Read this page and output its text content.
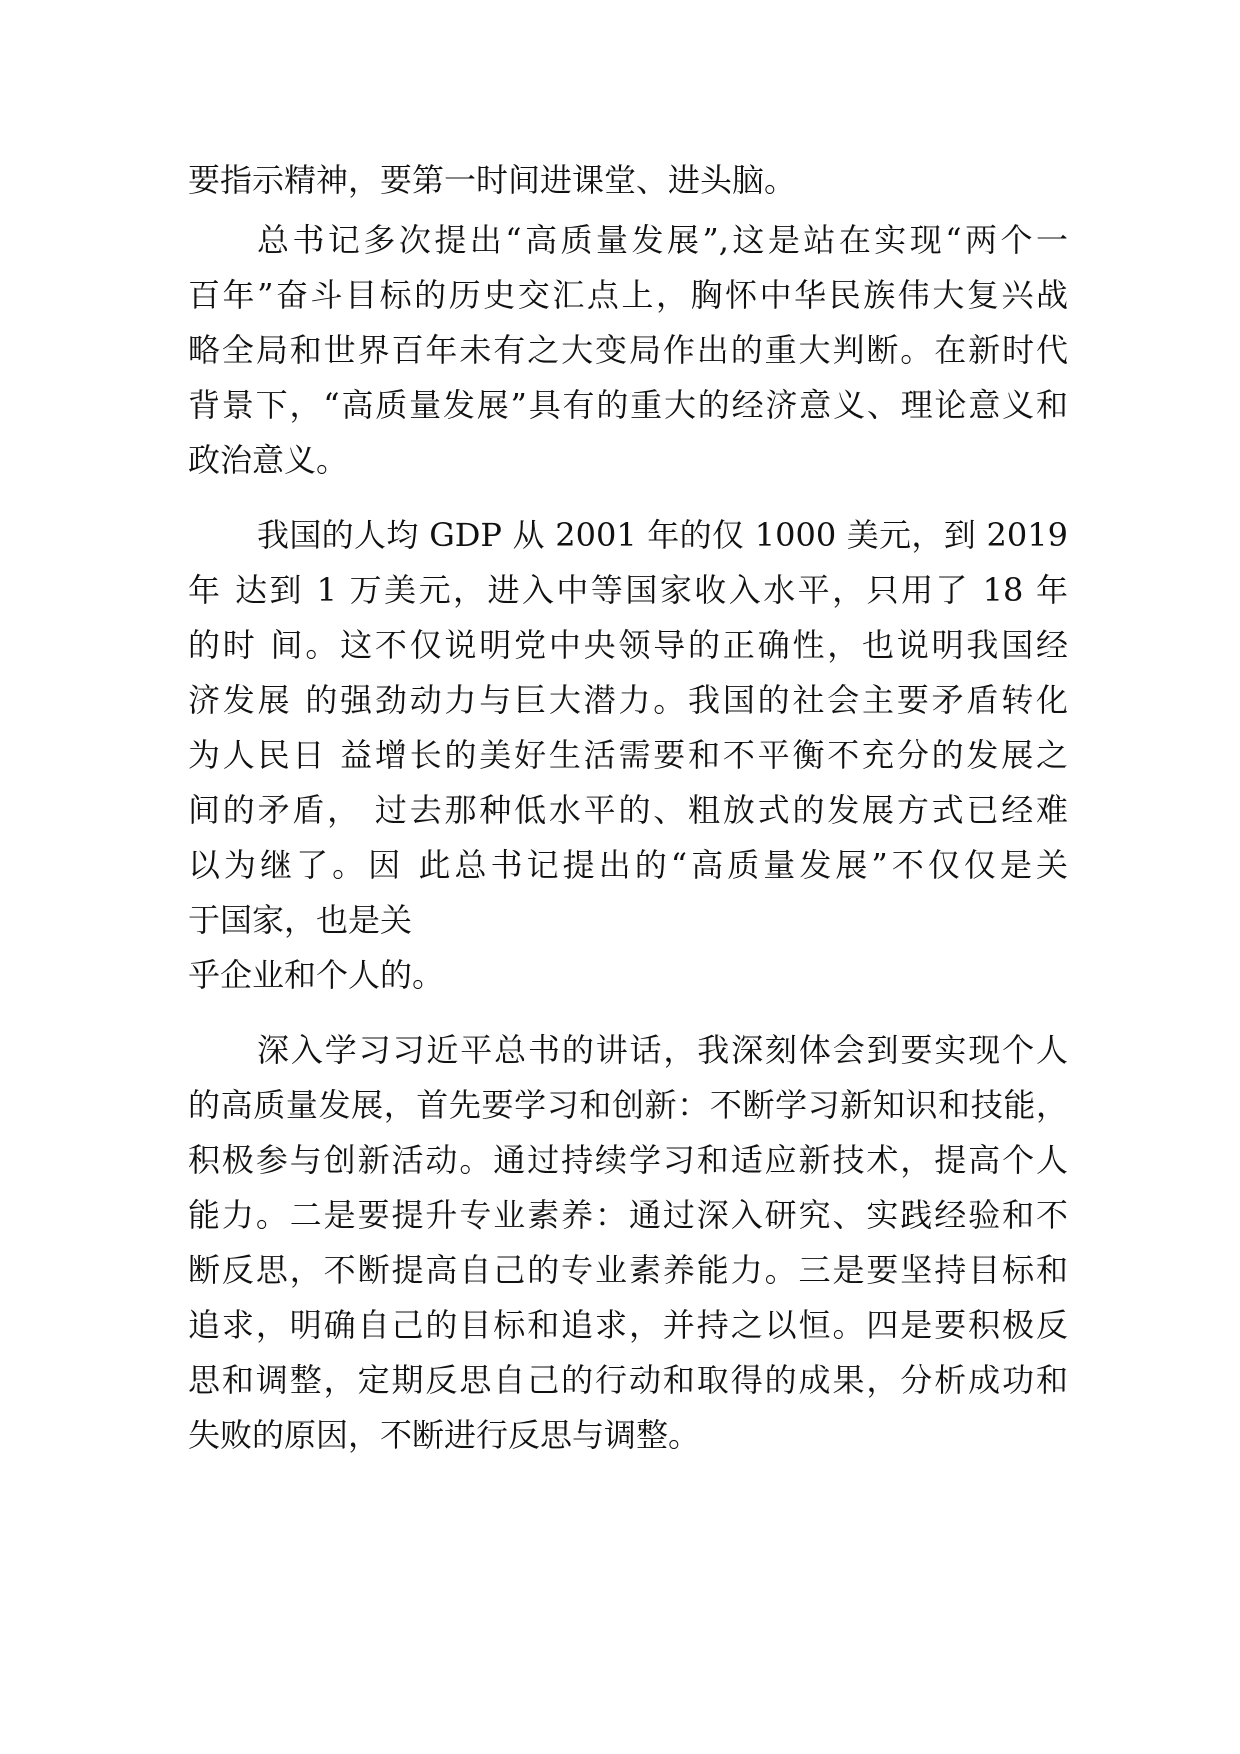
要指示精神，要第一时间进课堂、进头脑。
总书记多次提出“高质量发展”,这是站在实现“两个一
百年”奋斗目标的历史交汇点上，胸怀中华民族伟大复兴战
略全局和世界百年未有之大变局作出的重大判断。在新时代
背景下，“高质量发展”具有的重大的经济意义、理论意义和
政治意义。
我国的人均 GDP 从 2001 年的仅 1000 美元，到 2019
年 达到 1 万美元，进入中等国家收入水平，只用了 18 年
的时 间。这不仅说明党中央领导的正确性，也说明我国经
济发展 的强劲动力与巨大潜力。我国的社会主要矛盾转化
为人民日 益增长的美好生活需要和不平衡不充分的发展之
间的矛盾， 过去那种低水平的、粗放式的发展方式已经难
以为继了。因 此总书记提出的“高质量发展”不仅仅是关
于国家，也是关
乎企业和个人的。
深入学习习近平总书的讲话，我深刻体会到要实现个人
的高质量发展，首先要学习和创新：不断学习新知识和技能，
积极参与创新活动。通过持续学习和适应新技术，提高个人
能力。二是要提升专业素养：通过深入研究、实践经验和不
断反思，不断提高自己的专业素养能力。三是要坚持目标和
追求，明确自己的目标和追求，并持之以恒。四是要积极反
思和调整，定期反思自己的行动和取得的成果，分析成功和
失败的原因，不断进行反思与调整。
